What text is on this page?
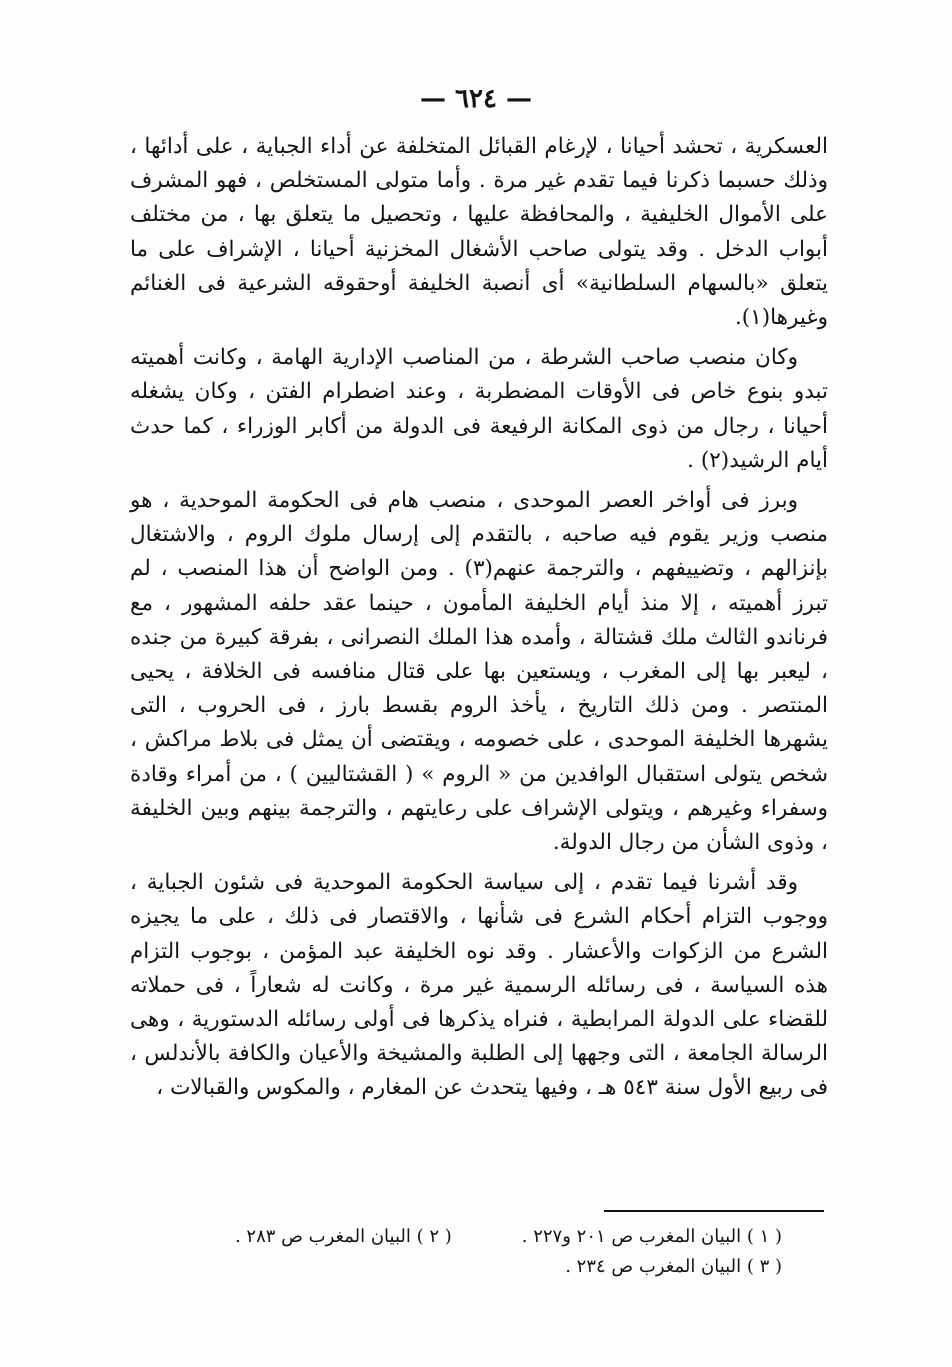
— ٦٢٤ —

العسكرية ، تحشد أحيانا ، لإرغام القبائل المتخلفة عن أداء الجباية ، على أدائها ، وذلك حسبما ذكرنا فيما تقدم غير مرة . وأما متولى المستخلص ، فهو المشرف على الأموال الخليفية ، والمحافظة عليها ، وتحصيل ما يتعلق بها ، من مختلف أبواب الدخل . وقد يتولى صاحب الأشغال المخزنية أحيانا ، الإشراف على ما يتعلق «بالسهام السلطانية» أى أنصبة الخليفة أوحقوقه الشرعية فى الغنائم وغيرها(١).

وكان منصب صاحب الشرطة ، من المناصب الإدارية الهامة ، وكانت أهميته تبدو بنوع خاص فى الأوقات المضطربة ، وعند اضطرام الفتن ، وكان يشغله أحيانا ، رجال من ذوى المكانة الرفيعة فى الدولة من أكابر الوزراء ، كما حدث أيام الرشيد(٢) .

وبرز فى أواخر العصر الموحدى ، منصب هام فى الحكومة الموحدية ، هو منصب وزير يقوم فيه صاحبه ، بالتقدم إلى إرسال ملوك الروم ، والاشتغال بإنزالهم ، وتضييفهم ، والترجمة عنهم(٣) . ومن الواضح أن هذا المنصب ، لم تبرز أهميته ، إلا منذ أيام الخليفة المأمون ، حينما عقد حلفه المشهور ، مع فرناندو الثالث ملك قشتالة ، وأمده هذا الملك النصرانى ، بفرقة كبيرة من جنده ، ليعبر بها إلى المغرب ، ويستعين بها على قتال منافسه فى الخلافة ، يحيى المنتصر . ومن ذلك التاريخ ، يأخذ الروم بقسط بارز ، فى الحروب ، التى يشهرها الخليفة الموحدى ، على خصومه ، ويقتضى أن يمثل فى بلاط مراكش ، شخص يتولى استقبال الوافدين من « الروم » ( القشتاليين ) ، من أمراء وقادة وسفراء وغيرهم ، ويتولى الإشراف على رعايتهم ، والترجمة بينهم وبين الخليفة ، وذوى الشأن من رجال الدولة.

وقد أشرنا فيما تقدم ، إلى سياسة الحكومة الموحدية فى شئون الجباية ، ووجوب التزام أحكام الشرع فى شأنها ، والاقتصار فى ذلك ، على ما يجيزه الشرع من الزكوات والأعشار . وقد نوه الخليفة عبد المؤمن ، بوجوب التزام هذه السياسة ، فى رسائله الرسمية غير مرة ، وكانت له شعاراً ، فى حملاته للقضاء على الدولة المرابطية ، فنراه يذكرها فى أولى رسائله الدستورية ، وهى الرسالة الجامعة ، التى وجهها إلى الطلبة والمشيخة والأعيان والكافة بالأندلس ، فى ربيع الأول سنة ٥٤٣ هـ ، وفيها يتحدث عن المغارم ، والمكوس والقبالات ،

( ١ ) البيان المغرب ص ٢٠١ و٢٢٧ .
( ٢ ) البيان المغرب ص ٢٨٣ .
( ٣ ) البيان المغرب ص ٢٣٤ .
